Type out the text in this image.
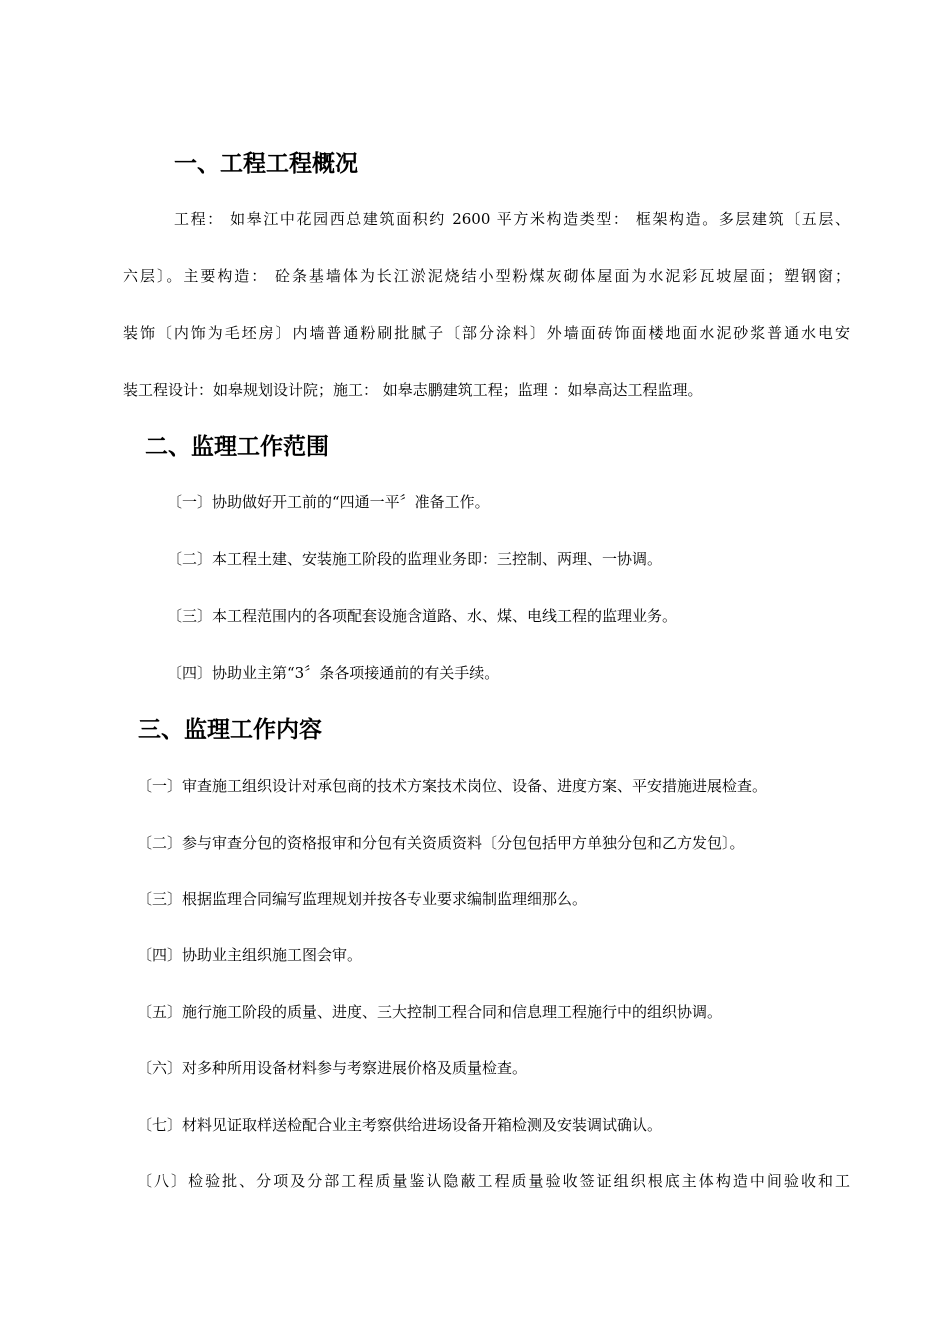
一、工程工程概况

工程： 如皋江中花园西总建筑面积约 2600 平方米构造类型： 框架构造。多层建筑〔五层、

六层〕。主要构造： 砼条基墙体为长江淤泥烧结小型粉煤灰砌体屋面为水泥彩瓦坡屋面；塑钢窗；

装饰〔内饰为毛坯房〕内墙普通粉刷批腻子〔部分涂料〕外墙面砖饰面楼地面水泥砂浆普通水电安

装工程设计：如皋规划设计院；施工： 如皋志鹏建筑工程；监理 ：如皋高达工程监理。

二、监理工作范围

〔一〕协助做好开工前的“四通一平〞准备工作。

〔二〕本工程土建、安装施工阶段的监理业务即：三控制、两理、一协调。

〔三〕本工程范围内的各项配套设施含道路、水、煤、电线工程的监理业务。

〔四〕协助业主第“3〞条各项接通前的有关手续。

三、监理工作内容

〔一〕审查施工组织设计对承包商的技术方案技术岗位、设备、进度方案、平安措施进展检查。

〔二〕参与审查分包的资格报审和分包有关资质资料〔分包包括甲方单独分包和乙方发包〕。

〔三〕根据监理合同编写监理规划并按各专业要求编制监理细那么。

〔四〕协助业主组织施工图会审。

〔五〕施行施工阶段的质量、进度、三大控制工程合同和信息理工程施行中的组织协调。

〔六〕对多种所用设备材料参与考察进展价格及质量检查。

〔七〕材料见证取样送检配合业主考察供给进场设备开箱检测及安装调试确认。

〔八〕检验批、分项及分部工程质量鉴认隐蔽工程质量验收签证组织根底主体构造中间验收和工
